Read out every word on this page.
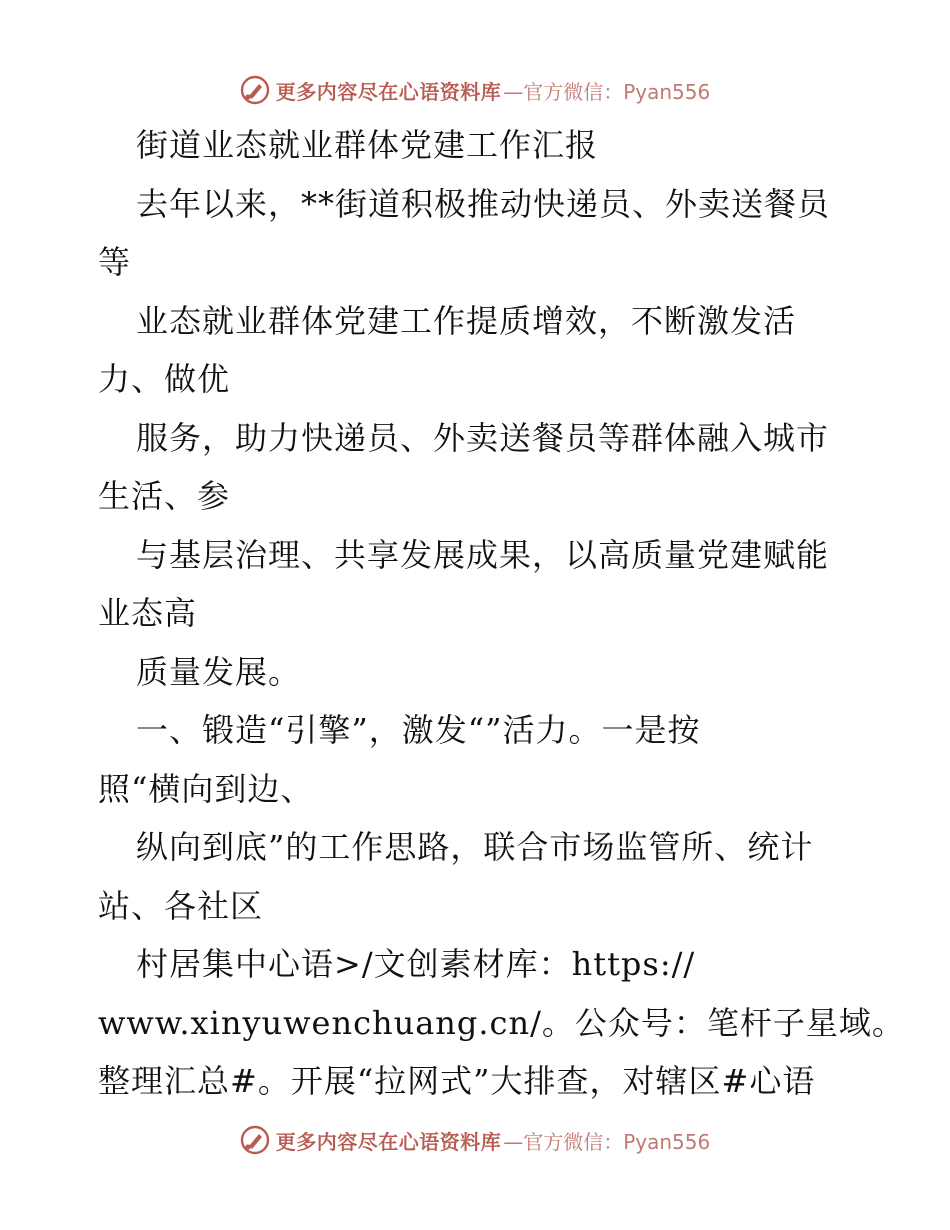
更多内容尽在心语资料库 —官方微信：Pyan556
街道业态就业群体党建工作汇报
去年以来，**街道积极推动快递员、外卖送餐员
等
业态就业群体党建工作提质增效，不断激发活
力、做优
服务，助力快递员、外卖送餐员等群体融入城市
生活、参
与基层治理、共享发展成果，以高质量党建赋能
业态高
质量发展。
一、锻造“引擎”，激发“”活力。一是按
照“横向到边、
纵向到底”的工作思路，联合市场监管所、统计
站、各社区
村居集中心语>/文创素材库：https://
www.xinyuwenchuang.cn/。公众号：笔杆子星域。
整理汇总#。开展“拉网式”大排查，对辖区#心语
更多内容尽在心语资料库 —官方微信：Pyan556
